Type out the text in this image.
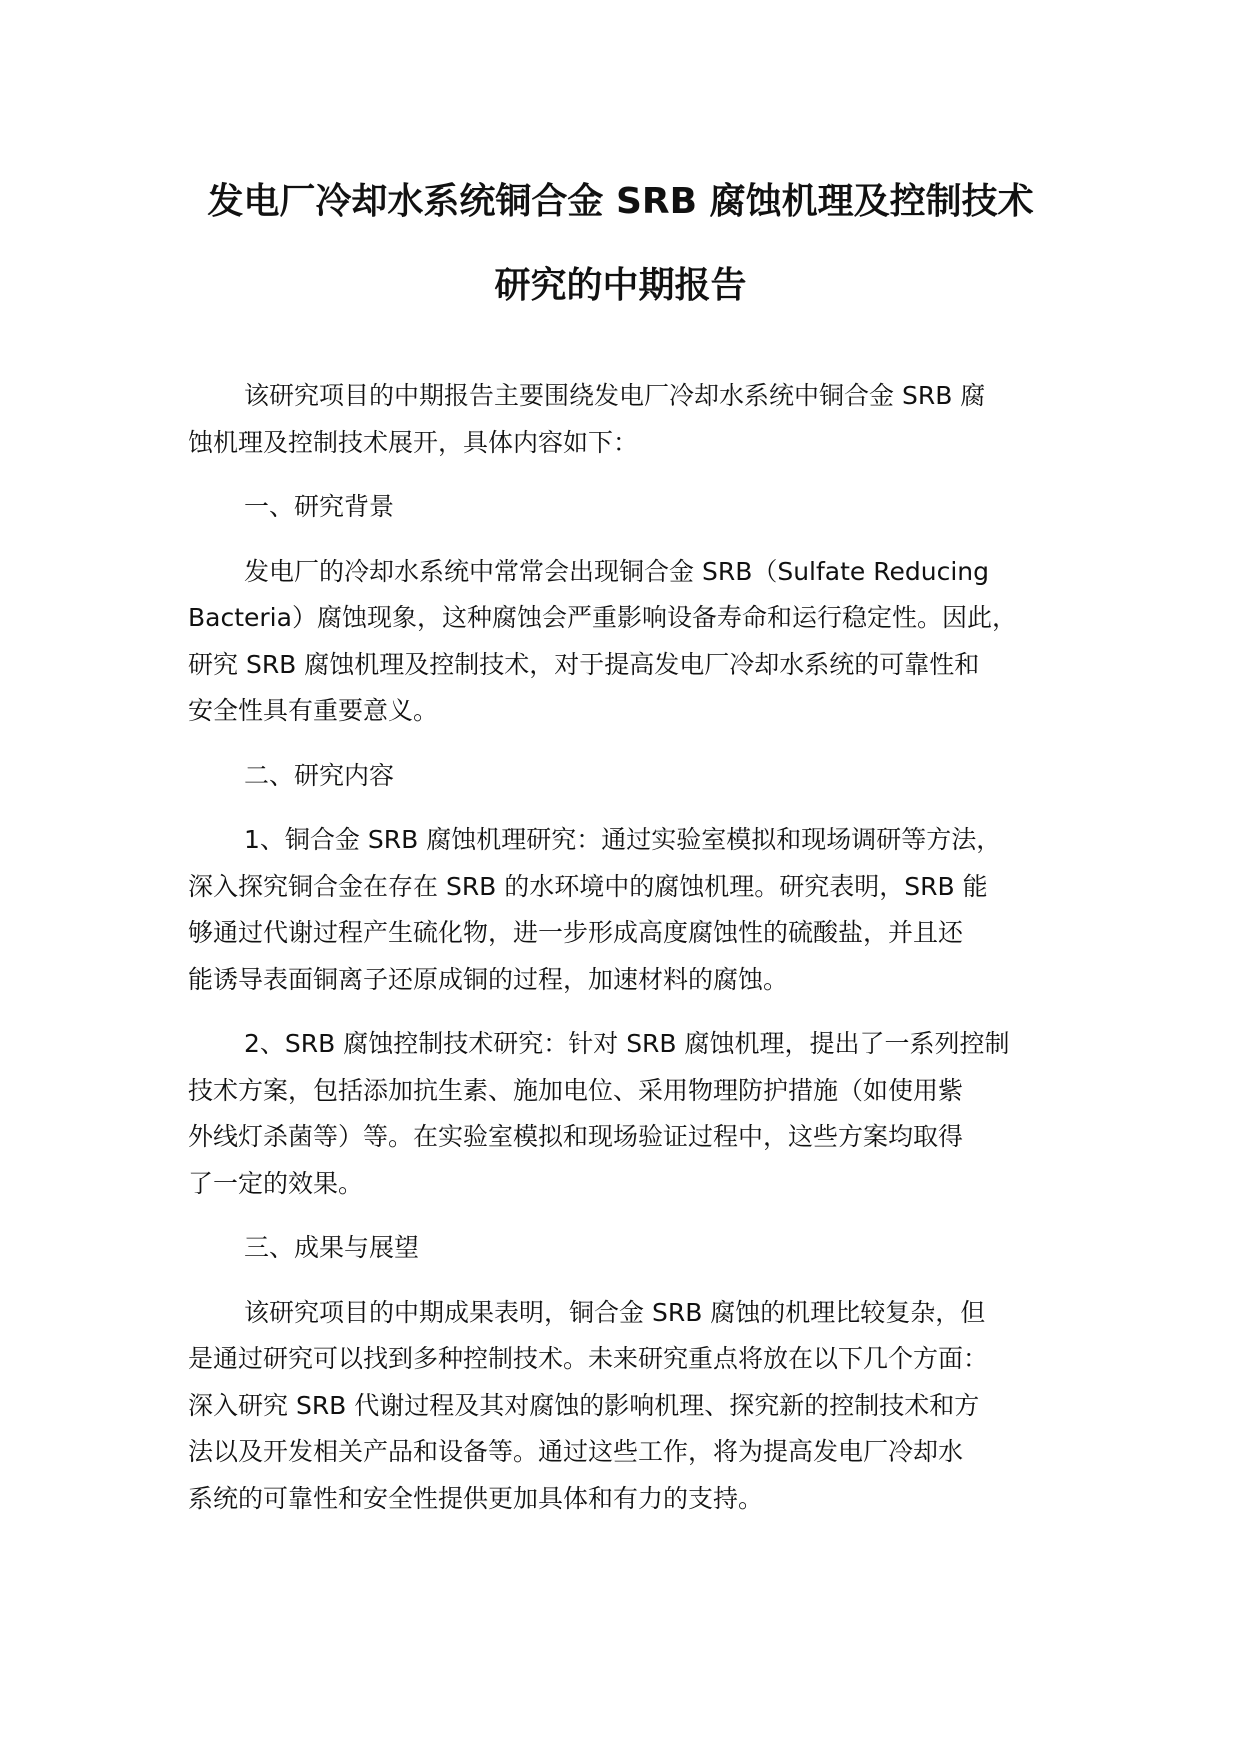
发电厂冷却水系统铜合金 SRB 腐蚀机理及控制技术
研究的中期报告

该研究项目的中期报告主要围绕发电厂冷却水系统中铜合金 SRB 腐
蚀机理及控制技术展开，具体内容如下：

一、研究背景

发电厂的冷却水系统中常常会出现铜合金 SRB（Sulfate Reducing
Bacteria）腐蚀现象，这种腐蚀会严重影响设备寿命和运行稳定性。因此，
研究 SRB 腐蚀机理及控制技术，对于提高发电厂冷却水系统的可靠性和
安全性具有重要意义。

二、研究内容

1、铜合金 SRB 腐蚀机理研究：通过实验室模拟和现场调研等方法，
深入探究铜合金在存在 SRB 的水环境中的腐蚀机理。研究表明，SRB 能
够通过代谢过程产生硫化物，进一步形成高度腐蚀性的硫酸盐，并且还
能诱导表面铜离子还原成铜的过程，加速材料的腐蚀。

2、SRB 腐蚀控制技术研究：针对 SRB 腐蚀机理，提出了一系列控制
技术方案，包括添加抗生素、施加电位、采用物理防护措施（如使用紫
外线灯杀菌等）等。在实验室模拟和现场验证过程中，这些方案均取得
了一定的效果。

三、成果与展望

该研究项目的中期成果表明，铜合金 SRB 腐蚀的机理比较复杂，但
是通过研究可以找到多种控制技术。未来研究重点将放在以下几个方面：
深入研究 SRB 代谢过程及其对腐蚀的影响机理、探究新的控制技术和方
法以及开发相关产品和设备等。通过这些工作，将为提高发电厂冷却水
系统的可靠性和安全性提供更加具体和有力的支持。
